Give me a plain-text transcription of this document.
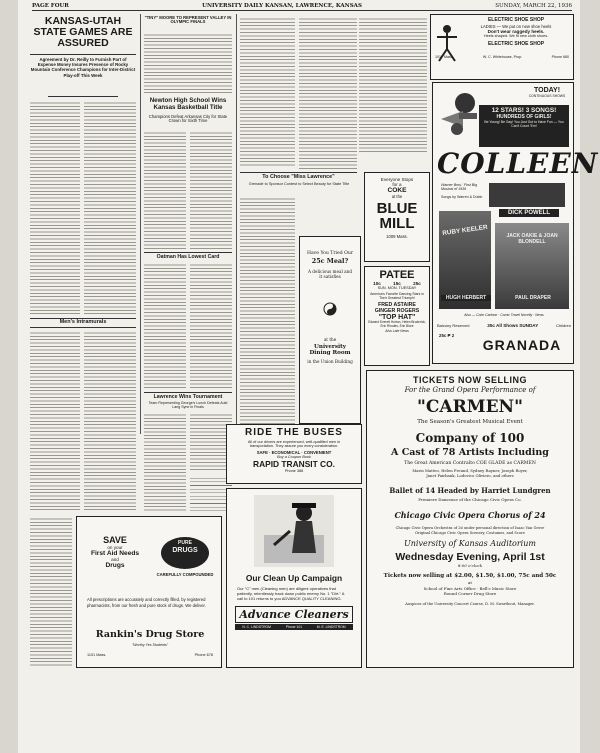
PAGE FOUR	UNIVERSITY DAILY KANSAN, LAWRENCE, KANSAS	SUNDAY, MARCH 22, 1936
KANSAS-UTAH STATE GAMES ARE ASSURED
Agreement by Dr. Reilly to Furnish Part of Expense Money Insures Presence of Rocky Mountain Conference Champions for Inter-District Play-off This Week
Men's Intramurals
"TINY" MOORE TO REPRESENT VALLEY IN OLYMPIC FINALS
Newton High School Wins Kansas Basketball Title
Champions Defeat Arkansas City for State Crown for Sixth Time
Oatman Has Lowest Card
Lawrence Wins Tournament
Team Representing George's Lunch Defeats Auld Lang Syne in Finals
To Choose "Miss Lawrence"
Grenade to Sponsor Contest to Select Beauty for State Title
Have You Tried Our
25c Meal?
A delicious meal and
it satisfies
at the
University Dining Room
in the Union Building
ELECTRIC SHOE SHOP
LADIES — We put on new shoe heels
Don't wear raggedy heels.
Heels shaped. We fit new cloth shoes.
ELECTRIC SHOE SHOP
1017 Mass.	W. C. Whitehouse, Prop.	Phone 680
Everyone Stops
for a
COKE
at the
BLUE
MILL
1009 Mass.
PATEE
10c	15c	25c
SUN. MON. TUESDAY
America's Favorite Dancing Stars in Their Greatest Triumph!
FRED ASTAIRE
GINGER ROGERS
"TOP HAT"
Edward Everett Horton, Helen Broderick, Eric Rhodes, Eric Blore
Also Late News
TODAY!
CONTINUOUS SHOWS
12 STARS! 3 SONGS!
HUNDREDS OF GIRLS!
Be Young! Be Gay! You Just Got to Have Fun — You Can't Count 'Em!
COLLEEN
Warner Bros.' First Big Musical of 1936
Songs by Warren & Dubin
DICK POWELL
RUBY KEELER	JACK OAKIE & JOAN BLONDELL
HUGH HERBERT	PAUL DRAPER
Also — Color Cartoon · Comic Travel Novelty · News
Balcony Reserved	35c All Shows SUNDAY	Children
25c ₱ 2
GRANADA
RIDE THE BUSES
All of our drivers are experienced, well-qualified men in
transportation. They assure you every consideration.
SAFE · ECONOMICAL · CONVENIENT
Buy a Coupon Book
RAPID TRANSIT CO.
Phone 388
Our Clean Up Campaign
Our "C" men (Cleaning men) are diligent operatives that patiently, relentlessly track down public enemy No. 1 "Dirt." A call to 101 returns to you ADVANCE QUALITY CLEANING.
Advance Cleaners
N. C. LINDSTROM	Phone 101	M. E. LINDSTROM
SAVE
on your
First Aid Needs
and
Drugs
PURE
DRUGS
CAREFULLY COMPOUNDED
All prescriptions are accurately and correctly filled, by registered pharmacists, from our fresh and pure stock of drugs. We deliver.
Rankin's Drug Store
"Worthy Yes Students"
1101 Mass.	Phone 678
TICKETS NOW SELLING
For the Grand Opera Performance of
"CARMEN"
The Season's Greatest Musical Event
Company of 100
A Cast of 78 Artists Including
The Great American Contralto COE GLADE as CARMEN
Mario Matteo, Helen Freund, Sydney Rayner, Joseph Royer,
Janet Fairbank, Lodovico Oliviero, and others
Ballet of 14 Headed by Harriet Lundgren
Premiere Danseuse of the Chicago Civic Opera Co.
Chicago Civic Opera Chorus of 24
Chicago Civic Opera Orchestra of 26 under personal direction of Isaac Van Grove
Original Chicago Civic Opera Scenery, Costumes, and Score
University of Kansas Auditorium
Wednesday Evening, April 1st
8:00 o'clock
Tickets now selling at $2.00, $1.50, $1.00, 75c and 50c
at
School of Fine Arts Office · Bell's Music Store
Round Corner Drug Store
Auspices of the University Concert Course, D. M. Swarthout, Manager.
